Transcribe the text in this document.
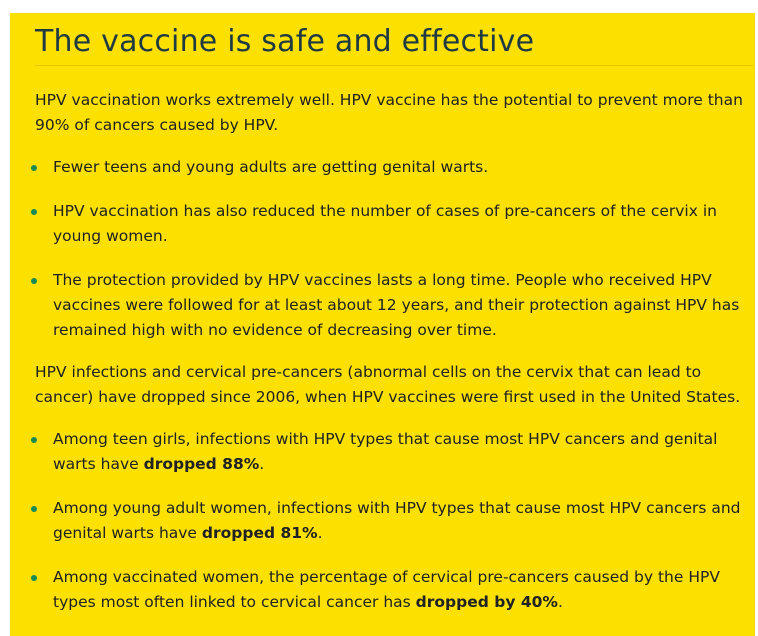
The vaccine is safe and effective

HPV vaccination works extremely well. HPV vaccine has the potential to prevent more than 90% of cancers caused by HPV.

Fewer teens and young adults are getting genital warts.
HPV vaccination has also reduced the number of cases of pre-cancers of the cervix in young women.
The protection provided by HPV vaccines lasts a long time. People who received HPV vaccines were followed for at least about 12 years, and their protection against HPV has remained high with no evidence of decreasing over time.

HPV infections and cervical pre-cancers (abnormal cells on the cervix that can lead to cancer) have dropped since 2006, when HPV vaccines were first used in the United States.

Among teen girls, infections with HPV types that cause most HPV cancers and genital warts have dropped 88%.
Among young adult women, infections with HPV types that cause most HPV cancers and genital warts have dropped 81%.
Among vaccinated women, the percentage of cervical pre-cancers caused by the HPV types most often linked to cervical cancer has dropped by 40%.
